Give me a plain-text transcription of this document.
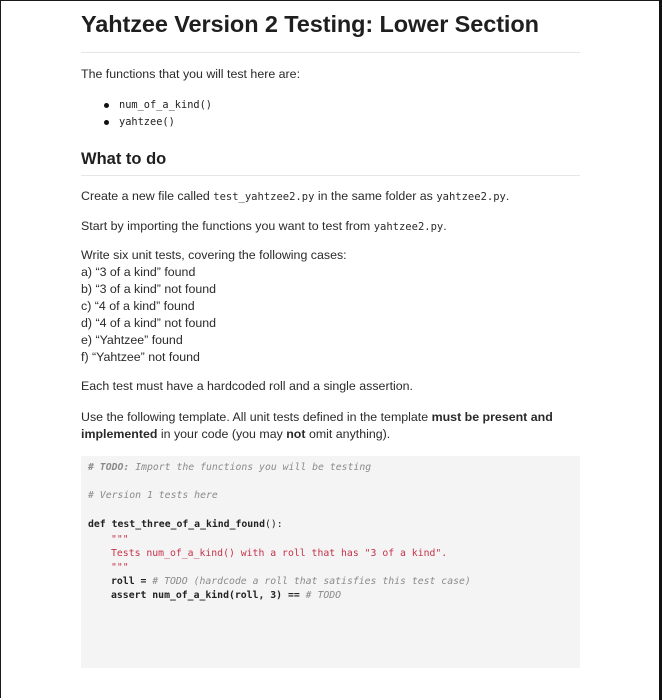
Yahtzee Version 2 Testing: Lower Section
The functions that you will test here are:
num_of_a_kind()
yahtzee()
What to do
Create a new file called test_yahtzee2.py in the same folder as yahtzee2.py.
Start by importing the functions you want to test from yahtzee2.py.
Write six unit tests, covering the following cases:
a) “3 of a kind” found
b) “3 of a kind” not found
c) “4 of a kind” found
d) “4 of a kind” not found
e) “Yahtzee” found
f) “Yahtzee” not found
Each test must have a hardcoded roll and a single assertion.
Use the following template. All unit tests defined in the template must be present and
implemented in your code (you may not omit anything).
# TODO: Import the functions you will be testing
# Version 1 tests here
def test_three_of_a_kind_found():
"""
Tests num_of_a_kind() with a roll that has "3 of a kind".
"""
roll = # TODO (hardcode a roll that satisfies this test case)
assert num_of_a_kind(roll, 3) == # TODO
